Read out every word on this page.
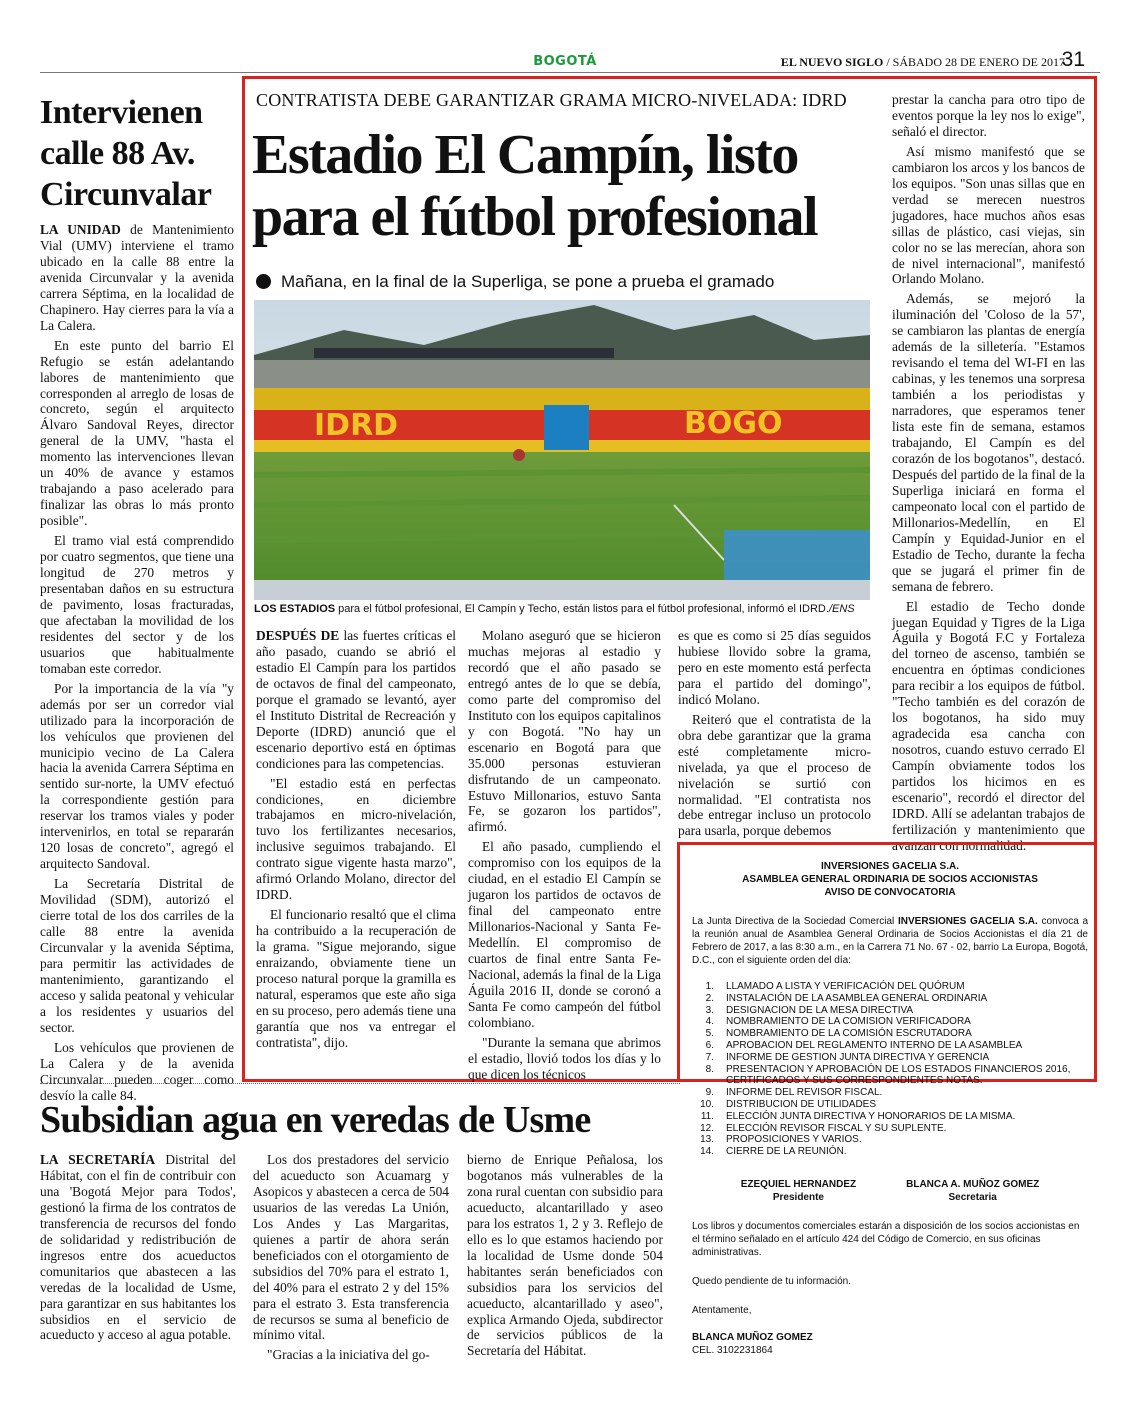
BOGOTÁ	EL NUEVO SIGLO / SÁBADO 28 DE ENERO DE 2017
31
Intervienen calle 88 Av. Circunvalar

LA UNIDAD de Mantenimiento Vial (UMV) interviene el tramo ubicado en la calle 88 entre la avenida Circunvalar y la avenida carrera Séptima, en la localidad de Chapinero. Hay cierres para la vía a La Calera.

En este punto del barrio El Refugio se están adelantando labores de mantenimiento que corresponden al arreglo de losas de concreto, según el arquitecto Álvaro Sandoval Reyes, director general de la UMV, "hasta el momento las intervenciones llevan un 40% de avance y estamos trabajando a paso acelerado para finalizar las obras lo más pronto posible".

El tramo vial está comprendido por cuatro segmentos, que tiene una longitud de 270 metros y presentaban daños en su estructura de pavimento, losas fracturadas, que afectaban la movilidad de los residentes del sector y de los usuarios que habitualmente tomaban este corredor.

Por la importancia de la vía "y además por ser un corredor vial utilizado para la incorporación de los vehículos que provienen del municipio vecino de La Calera hacia la avenida Carrera Séptima en sentido sur-norte, la UMV efectuó la correspondiente gestión para reservar los tramos viales y poder intervenirlos, en total se repararán 120 losas de concreto", agregó el arquitecto Sandoval.

La Secretaría Distrital de Movilidad (SDM), autorizó el cierre total de los dos carriles de la calle 88 entre la avenida Circunvalar y la avenida Séptima, para permitir las actividades de mantenimiento, garantizando el acceso y salida peatonal y vehicular a los residentes y usuarios del sector.

Los vehículos que provienen de La Calera y de la avenida Circunvalar pueden coger como desvío la calle 84.

CONTRATISTA DEBE GARANTIZAR GRAMA MICRO-NIVELADA: IDRD
Estadio El Campín, listo para el fútbol profesional
Mañana, en la final de la Superliga, se pone a prueba el gramado
IDRD	BOGO
LOS ESTADIOS para el fútbol profesional, El Campín y Techo, están listos para el fútbol profesional, informó el IDRD./ENS

DESPUÉS DE las fuertes críticas el año pasado, cuando se abrió el estadio El Campín para los partidos de octavos de final del campeonato, porque el gramado se levantó, ayer el Instituto Distrital de Recreación y Deporte (IDRD) anunció que el escenario deportivo está en óptimas condiciones para las competencias.

"El estadio está en perfectas condiciones, en diciembre trabajamos en micro-nivelación, tuvo los fertilizantes necesarios, inclusive seguimos trabajando. El contrato sigue vigente hasta marzo", afirmó Orlando Molano, director del IDRD.

El funcionario resaltó que el clima ha contribuido a la recuperación de la grama. "Sigue mejorando, sigue enraizando, obviamente tiene un proceso natural porque la gramilla es natural, esperamos que este año siga en su proceso, pero además tiene una garantía que nos va entregar el contratista", dijo.

Molano aseguró que se hicieron muchas mejoras al estadio y recordó que el año pasado se entregó antes de lo que se debía, como parte del compromiso del Instituto con los equipos capitalinos y con Bogotá. "No hay un escenario en Bogotá para que 35.000 personas estuvieran disfrutando de un campeonato. Estuvo Millonarios, estuvo Santa Fe, se gozaron los partidos", afirmó.

El año pasado, cumpliendo el compromiso con los equipos de la ciudad, en el estadio El Campín se jugaron los partidos de octavos de final del campeonato entre Millonarios-Nacional y Santa Fe-Medellín. El compromiso de cuartos de final entre Santa Fe-Nacional, además la final de la Liga Águila 2016 II, donde se coronó a Santa Fe como campeón del fútbol colombiano.

"Durante la semana que abrimos el estadio, llovió todos los días y lo que dicen los técnicos

es que es como si 25 días seguidos hubiese llovido sobre la grama, pero en este momento está perfecta para el partido del domingo", indicó Molano.

Reiteró que el contratista de la obra debe garantizar que la grama esté completamente micro-nivelada, ya que el proceso de nivelación se surtió con normalidad. "El contratista nos debe entregar incluso un protocolo para usarla, porque debemos

prestar la cancha para otro tipo de eventos porque la ley nos lo exige", señaló el director.

Así mismo manifestó que se cambiaron los arcos y los bancos de los equipos. "Son unas sillas que en verdad se merecen nuestros jugadores, hace muchos años esas sillas de plástico, casi viejas, sin color no se las merecían, ahora son de nivel internacional", manifestó Orlando Molano.

Además, se mejoró la iluminación del 'Coloso de la 57', se cambiaron las plantas de energía además de la silletería. "Estamos revisando el tema del WI-FI en las cabinas, y les tenemos una sorpresa también a los periodistas y narradores, que esperamos tener lista este fin de semana, estamos trabajando, El Campín es del corazón de los bogotanos", destacó. Después del partido de la final de la Superliga iniciará en forma el campeonato local con el partido de Millonarios-Medellín, en El Campín y Equidad-Junior en el Estadio de Techo, durante la fecha que se jugará el primer fin de semana de febrero.

El estadio de Techo donde juegan Equidad y Tigres de la Liga Águila y Bogotá F.C y Fortaleza del torneo de ascenso, también se encuentra en óptimas condiciones para recibir a los equipos de fútbol. "Techo también es del corazón de los bogotanos, ha sido muy agradecida esa cancha con nosotros, cuando estuvo cerrado El Campín obviamente todos los partidos los hicimos en es escenario", recordó el director del IDRD. Allí se adelantan trabajos de fertilización y mantenimiento que avanzan con normalidad.

Subsidian agua en veredas de Usme

LA SECRETARÍA Distrital del Hábitat, con el fin de contribuir con una 'Bogotá Mejor para Todos', gestionó la firma de los contratos de transferencia de recursos del fondo de solidaridad y redistribución de ingresos entre dos acueductos comunitarios que abastecen a las veredas de la localidad de Usme, para garantizar en sus habitantes los subsidios en el servicio de acueducto y acceso al agua potable.

Los dos prestadores del servicio del acueducto son Acuamarg y Asopicos y abastecen a cerca de 504 usuarios de las veredas La Unión, Los Andes y Las Margaritas, quienes a partir de ahora serán beneficiados con el otorgamiento de subsidios del 70% para el estrato 1, del 40% para el estrato 2 y del 15% para el estrato 3. Esta transferencia de recursos se suma al beneficio de mínimo vital.

"Gracias a la iniciativa del go-

bierno de Enrique Peñalosa, los bogotanos más vulnerables de la zona rural cuentan con subsidio para acueducto, alcantarillado y aseo para los estratos 1, 2 y 3. Reflejo de ello es lo que estamos haciendo por la localidad de Usme donde 504 habitantes serán beneficiados con subsidios para los servicios del acueducto, alcantarillado y aseo", explica Armando Ojeda, subdirector de servicios públicos de la Secretaría del Hábitat.

INVERSIONES GACELIA S.A.
ASAMBLEA GENERAL ORDINARIA DE SOCIOS ACCIONISTAS
AVISO DE CONVOCATORIA
La Junta Directiva de la Sociedad Comercial INVERSIONES GACELIA S.A. convoca a la reunión anual de Asamblea General Ordinaria de Socios Accionistas el día 21 de Febrero de 2017, a las 8:30 a.m., en la Carrera 71 No. 67 - 02, barrio La Europa, Bogotá, D.C., con el siguiente orden del día:
1.	LLAMADO A LISTA Y VERIFICACIÓN DEL QUÓRUM
2.	INSTALACIÓN DE LA ASAMBLEA GENERAL ORDINARIA
3.	DESIGNACION DE LA MESA DIRECTIVA
4.	NOMBRAMIENTO DE LA COMISION VERIFICADORA
5.	NOMBRAMIENTO DE LA COMISIÓN ESCRUTADORA
6.	APROBACION DEL REGLAMENTO INTERNO DE LA ASAMBLEA
7.	INFORME DE GESTION JUNTA DIRECTIVA Y GERENCIA
8.	PRESENTACION Y APROBACIÓN DE LOS ESTADOS FINANCIEROS 2016, CERTIFICADOS Y SUS CORRESPONDIENTES NOTAS.
9.	INFORME DEL REVISOR FISCAL.
10.	DISTRIBUCION DE UTILIDADES
11.	ELECCIÓN JUNTA DIRECTIVA Y HONORARIOS DE LA MISMA.
12.	ELECCIÓN REVISOR FISCAL Y SU SUPLENTE.
13.	PROPOSICIONES Y VARIOS.
14.	CIERRE DE LA REUNIÓN.
EZEQUIEL HERNANDEZ
Presidente
BLANCA A. MUÑOZ GOMEZ
Secretaria
Los libros y documentos comerciales estarán a disposición de los socios accionistas en el término señalado en el artículo 424 del Código de Comercio, en sus oficinas administrativas.
Quedo pendiente de tu información.
Atentamente,
BLANCA MUÑOZ GOMEZ
CEL. 3102231864
